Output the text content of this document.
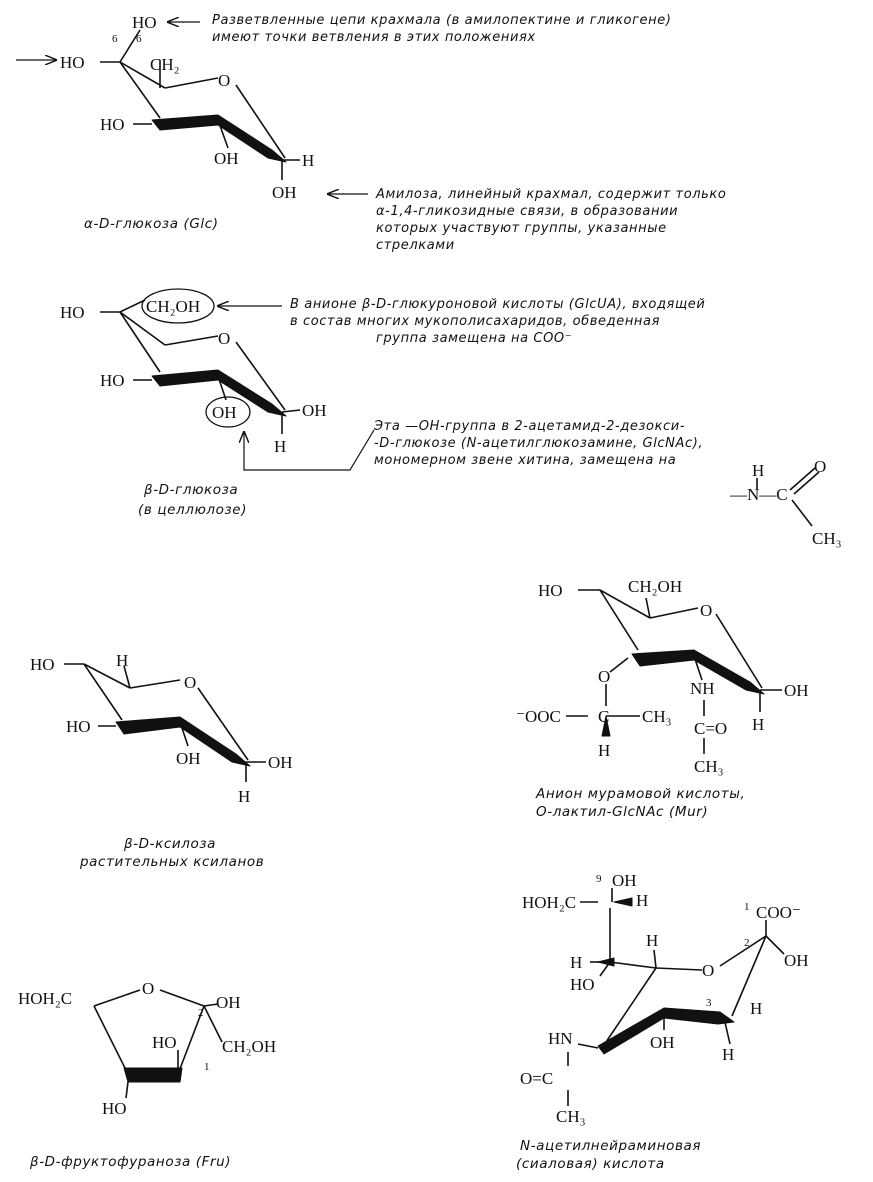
HO
6 6
CH₂
HO
O
HO
OH	H
OH
Разветвленные цепи крахмала (в амилопектине и гликогене)
имеют точки ветвления в этих положениях
Амилоза, линейный крахмал, содержит только
α-1,4-гликозидные связи, в образовании
которых участвуют группы, указанные
стрелками
α-D-глюкоза (Glc)
HO	CH₂OH
O
HO
OH	OH
H
В анионе β-D-глюкуроновой кислоты (GlcUA), входящей
в состав многих мукополисахаридов, обведенная
группа замещена на COO⁻
Эта —OH-группа в 2-ацетамид-2-дезокси-
-D-глюкозе (N-ацетилглюкозамине, GlcNAc),
мономерном звене хитина, замещена на
H
—N—C
O
CH₃
β-D-глюкоза
(в целлюлозе)
HO	H
O
HO
OH	OH
H
β-D-ксилоза
растительных ксиланов
HO	CH₂OH
O
O
C
H
⁻OOC	CH₃
NH	OH
H
C=O
CH₃
Анион мурамовой кислоты,
O-лактил-GlcNAc (Mur)
HOH₂C
O
2
OH
HO	CH₂OH
1
HO
β-D-фруктофураноза (Fru)
9 OH
HOH₂C	H	1 COO⁻
H	2
H	OH
O
HO
3 H
HN	OH
H
O=C
CH₃
N-ацетилнейраминовая
(сиаловая) кислота
